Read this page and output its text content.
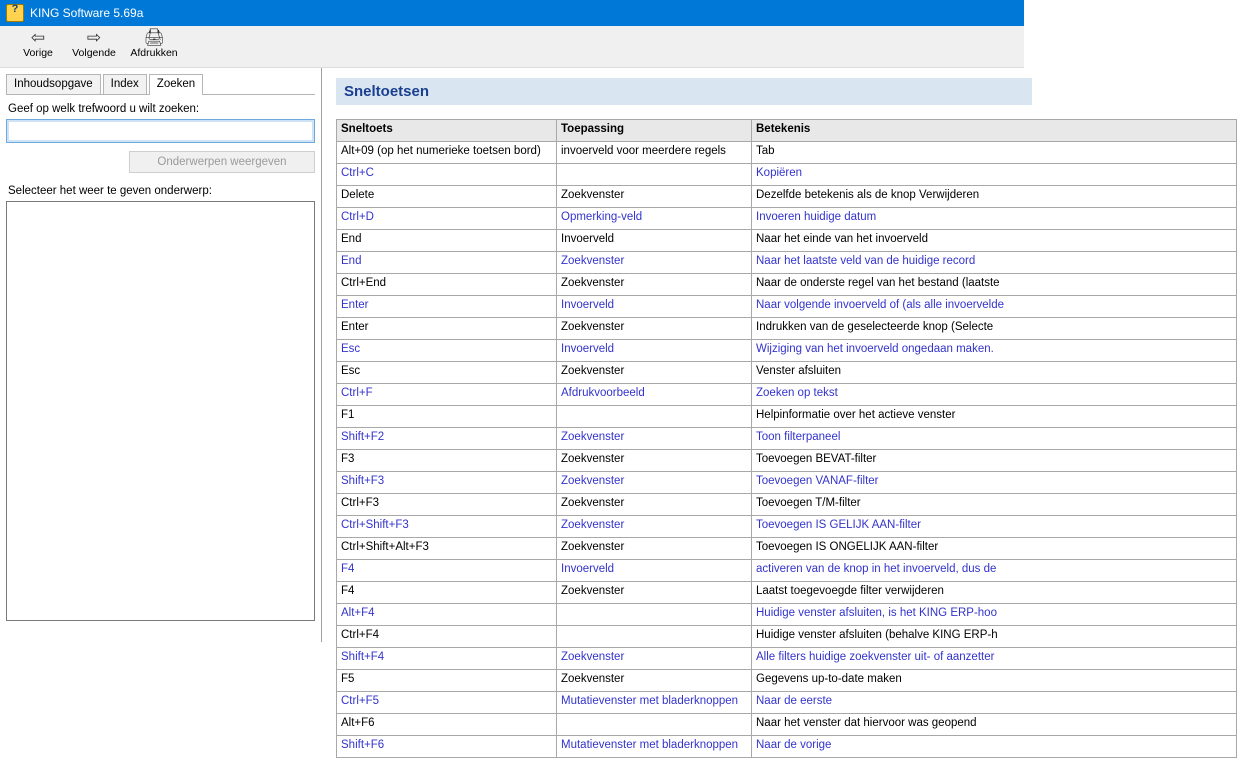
?
KING Software 5.69a
⇦
Vorige
⇨
Volgende
🖨
Afdrukken
Inhoudsopgave	Index	Zoeken
Geef op welk trefwoord u wilt zoeken:
Onderwerpen weergeven
Selecteer het weer te geven onderwerp:
Sneltoetsen
Sneltoets	Toepassing	Betekenis
Alt+09 (op het numerieke toetsen bord)	invoerveld voor meerdere regels	Tab
Ctrl+C		Kopiëren
Delete	Zoekvenster	Dezelfde betekenis als de knop Verwijderen
Ctrl+D	Opmerking-veld	Invoeren huidige datum
End	Invoerveld	Naar het einde van het invoerveld
End	Zoekvenster	Naar het laatste veld van de huidige record
Ctrl+End	Zoekvenster	Naar de onderste regel van het bestand (laatste
Enter	Invoerveld	Naar volgende invoerveld of (als alle invoervelde
Enter	Zoekvenster	Indrukken van de geselecteerde knop (Selecte
Esc	Invoerveld	Wijziging van het invoerveld ongedaan maken.
Esc	Zoekvenster	Venster afsluiten
Ctrl+F	Afdrukvoorbeeld	Zoeken op tekst
F1		Helpinformatie over het actieve venster
Shift+F2	Zoekvenster	Toon filterpaneel
F3	Zoekvenster	Toevoegen BEVAT-filter
Shift+F3	Zoekvenster	Toevoegen VANAF-filter
Ctrl+F3	Zoekvenster	Toevoegen T/M-filter
Ctrl+Shift+F3	Zoekvenster	Toevoegen IS GELIJK AAN-filter
Ctrl+Shift+Alt+F3	Zoekvenster	Toevoegen IS ONGELIJK AAN-filter
F4	Invoerveld	activeren van de knop in het invoerveld, dus de
F4	Zoekvenster	Laatst toegevoegde filter verwijderen
Alt+F4		Huidige venster afsluiten, is het KING ERP-hoo
Ctrl+F4		Huidige venster afsluiten (behalve KING ERP-h
Shift+F4	Zoekvenster	Alle filters huidige zoekvenster uit- of aanzetter
F5	Zoekvenster	Gegevens up-to-date maken
Ctrl+F5	Mutatievenster met bladerknoppen	Naar de eerste
Alt+F6		Naar het venster dat hiervoor was geopend
Shift+F6	Mutatievenster met bladerknoppen	Naar de vorige
